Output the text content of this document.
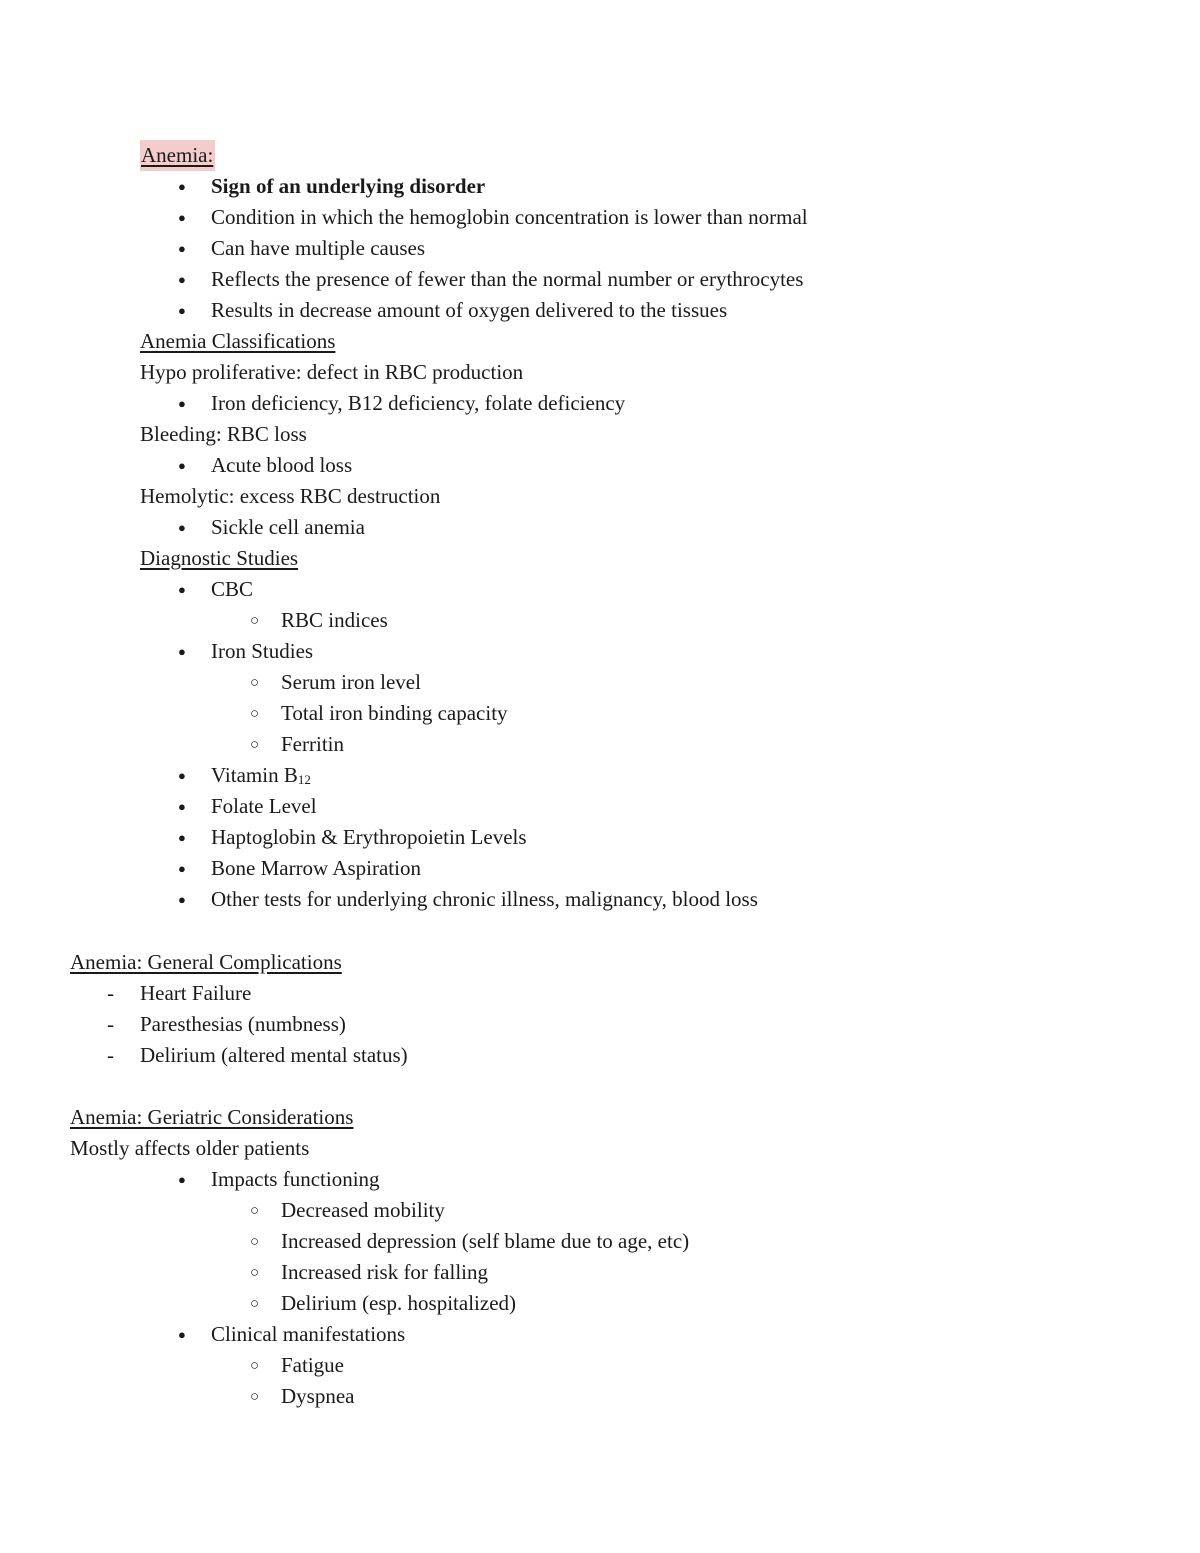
Anemia:
●
Sign of an underlying disorder
●
Condition in which the hemoglobin concentration is lower than normal
●
Can have multiple causes
●
Reflects the presence of fewer than the normal number or erythrocytes
●
Results in decrease amount of oxygen delivered to the tissues
Anemia Classifications
Hypo proliferative: defect in RBC production
●
Iron deficiency, B12 deficiency, folate deficiency
Bleeding: RBC loss
●
Acute blood loss
Hemolytic: excess RBC destruction
●
Sickle cell anemia
Diagnostic Studies
●
CBC
○
RBC indices
●
Iron Studies
○
Serum iron level
○
Total iron binding capacity
○
Ferritin
●
Vitamin $B_{12}$
●
Folate Level
●
Haptoglobin & Erythropoietin Levels
●
Bone Marrow Aspiration
●
Other tests for underlying chronic illness, malignancy, blood loss
Anemia: General Complications
-
Heart Failure
-
Paresthesias (numbness)
-
Delirium (altered mental status)
Anemia: Geriatric Considerations
Mostly affects older patients
●
Impacts functioning
○
Decreased mobility
○
Increased depression (self blame due to age, etc)
○
Increased risk for falling
○
Delirium (esp. hospitalized)
●
Clinical manifestations
○
Fatigue
○
Dyspnea
